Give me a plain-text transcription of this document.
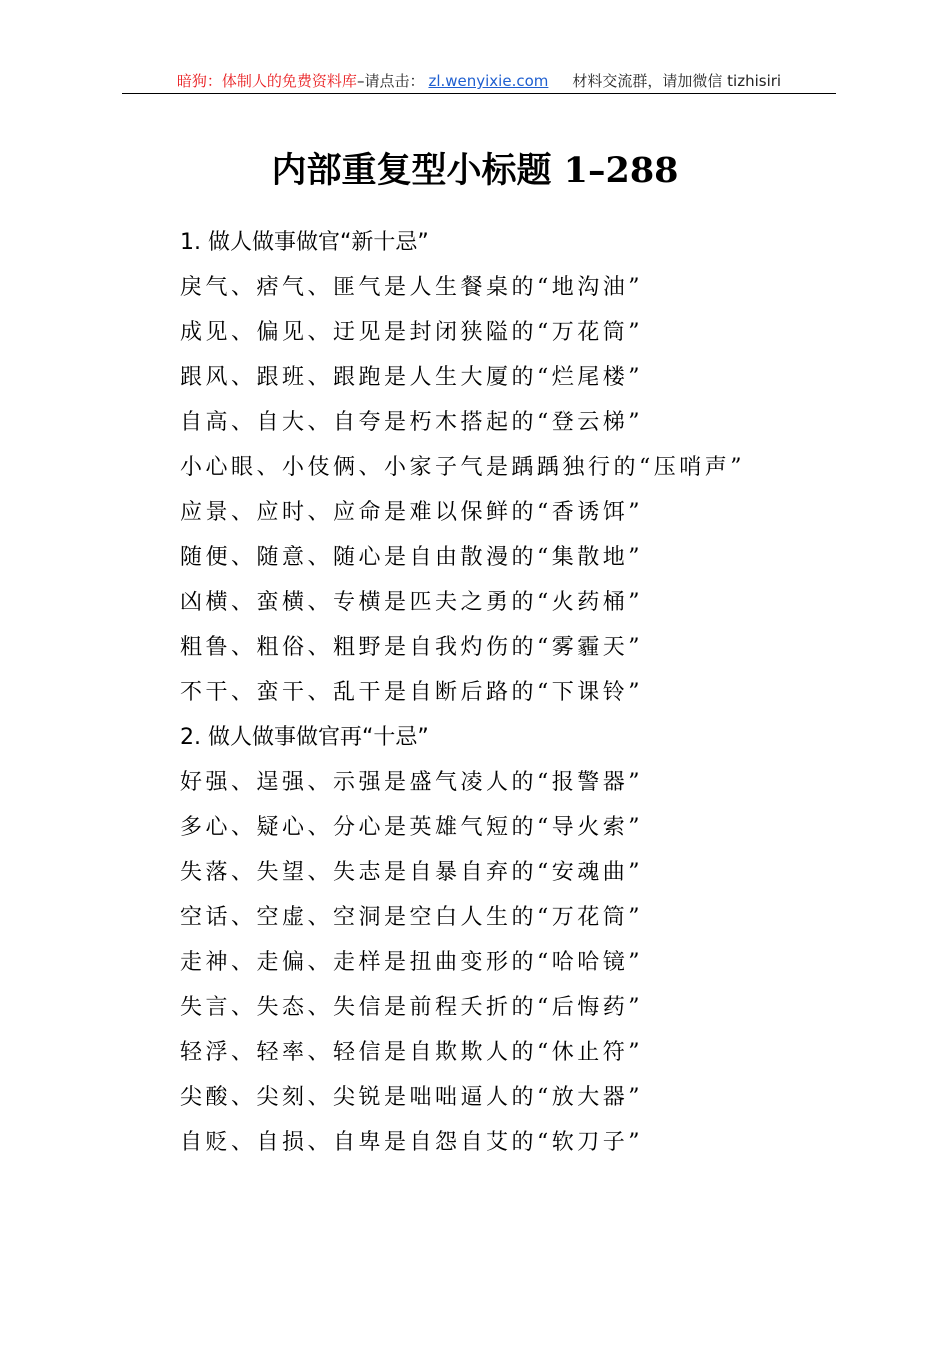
暗狗：体制人的免费资料库–请点击： zl.wenyixie.com 材料交流群，请加微信 tizhisiri
内部重复型小标题 1–288
1. 做人做事做官“新十忌”
戾气、痞气、匪气是人生餐桌的“地沟油”
成见、偏见、迂见是封闭狭隘的“万花筒”
跟风、跟班、跟跑是人生大厦的“烂尾楼”
自高、自大、自夸是朽木搭起的“登云梯”
小心眼、小伎俩、小家子气是踽踽独行的“压哨声”
应景、应时、应命是难以保鲜的“香诱饵”
随便、随意、随心是自由散漫的“集散地”
凶横、蛮横、专横是匹夫之勇的“火药桶”
粗鲁、粗俗、粗野是自我灼伤的“雾霾天”
不干、蛮干、乱干是自断后路的“下课铃”
2. 做人做事做官再“十忌”
好强、逞强、示强是盛气凌人的“报警器”
多心、疑心、分心是英雄气短的“导火索”
失落、失望、失志是自暴自弃的“安魂曲”
空话、空虚、空洞是空白人生的“万花筒”
走神、走偏、走样是扭曲变形的“哈哈镜”
失言、失态、失信是前程夭折的“后悔药”
轻浮、轻率、轻信是自欺欺人的“休止符”
尖酸、尖刻、尖锐是咄咄逼人的“放大器”
自贬、自损、自卑是自怨自艾的“软刀子”
